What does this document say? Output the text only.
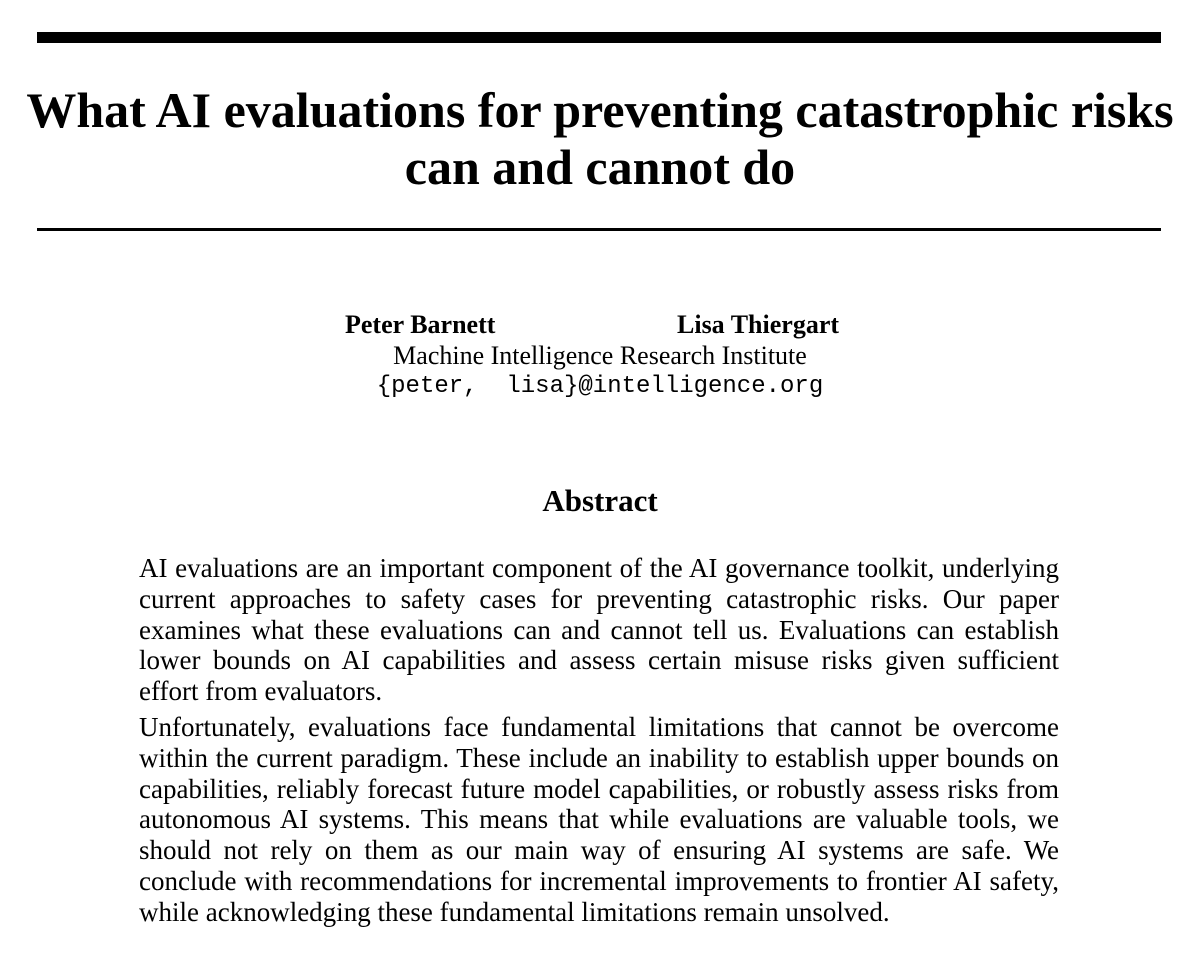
What AI evaluations for preventing catastrophic risks
can and cannot do
Peter Barnett	Lisa Thiergart
Machine Intelligence Research Institute
{peter,  lisa}@intelligence.org
Abstract

AI evaluations are an important component of the AI governance toolkit, underlying current approaches to safety cases for preventing catastrophic risks. Our paper examines what these evaluations can and cannot tell us. Evaluations can establish lower bounds on AI capabilities and assess certain misuse risks given sufficient effort from evaluators.

Unfortunately, evaluations face fundamental limitations that cannot be overcome within the current paradigm. These include an inability to establish upper bounds on capabilities, reliably forecast future model capabilities, or robustly assess risks from autonomous AI systems. This means that while evaluations are valuable tools, we should not rely on them as our main way of ensuring AI systems are safe. We conclude with recommendations for incremental improvements to frontier AI safety, while acknowledging these fundamental limitations remain unsolved.
